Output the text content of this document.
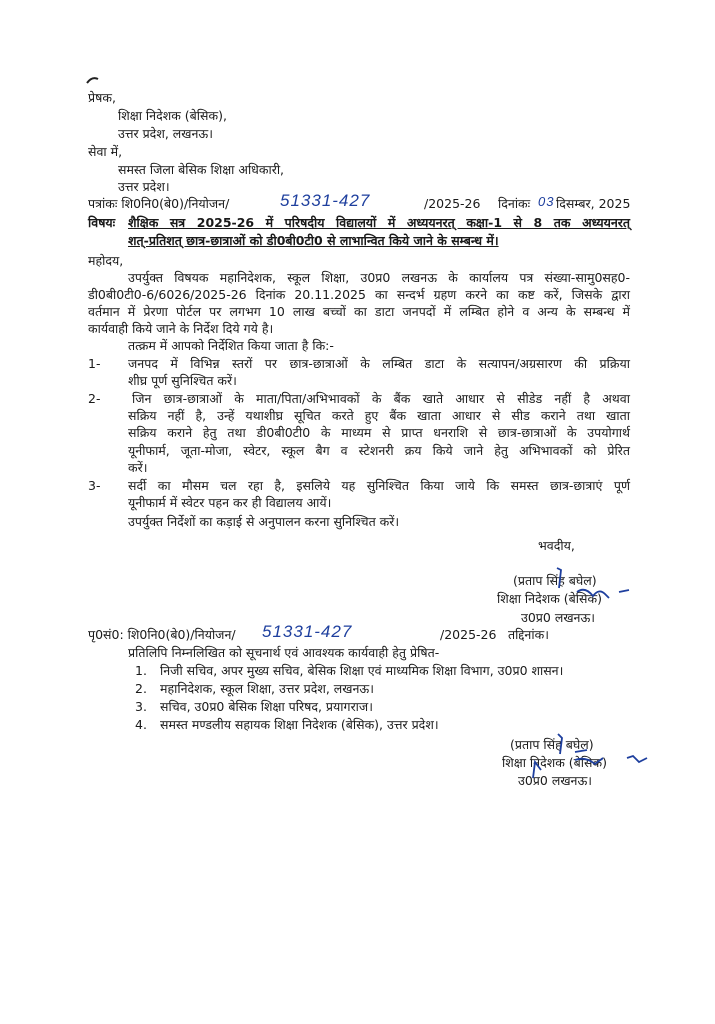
प्रेषक,
शिक्षा निदेशक (बेसिक),
उत्तर प्रदेश, लखनऊ।
सेवा में,
समस्त जिला बेसिक शिक्षा अधिकारी,
उत्तर प्रदेश।
पत्रांकः शि0नि0(बे0)/नियोजन/	51331-427	/2025-26 दिनांकः 03 दिसम्बर, 2025
विषयः शैक्षिक सत्र 2025-26 में परिषदीय विद्यालयों में अध्ययनरत् कक्षा-1 से 8 तक अध्ययनरत्
शत्-प्रतिशत् छात्र-छात्राओं को डी0बी0टी0 से लाभान्वित किये जाने के सम्बन्ध में।
महोदय,
उपर्युक्त विषयक महानिदेशक, स्कूल शिक्षा, उ0प्र0 लखनऊ के कार्यालय पत्र संख्या-सामु0सह0-
डी0बी0टी0-6/6026/2025-26 दिनांक 20.11.2025 का सन्दर्भ ग्रहण करने का कष्ट करें, जिसके द्वारा
वर्तमान में प्रेरणा पोर्टल पर लगभग 10 लाख बच्चों का डाटा जनपदों में लम्बित होने व अन्य के सम्बन्ध में
कार्यवाही किये जाने के निर्देश दिये गये है।
तत्क्रम में आपको निर्देशित किया जाता है कि:-
1- जनपद में विभिन्न स्तरों पर छात्र-छात्राओं के लम्बित डाटा के सत्यापन/अग्रसारण की प्रक्रिया
शीघ्र पूर्ण सुनिश्चित करें।
2-	जिन छात्र-छात्राओं के माता/पिता/अभिभावकों के बैंक खाते आधार से सीडेड नहीं है अथवा
सक्रिय नहीं है, उन्हें यथाशीघ्र सूचित करते हुए बैंक खाता आधार से सीड कराने तथा खाता
सक्रिय कराने हेतु तथा डी0बी0टी0 के माध्यम से प्राप्त धनराशि से छात्र-छात्राओं के उपयोगार्थ
यूनीफार्म, जूता-मोजा, स्वेटर, स्कूल बैग व स्टेशनरी क्रय किये जाने हेतु अभिभावकों को प्रेरित
करें।
3- सर्दी का मौसम चल रहा है, इसलिये यह सुनिश्चित किया जाये कि समस्त छात्र-छात्राएं पूर्ण
यूनीफार्म में स्वेटर पहन कर ही विद्यालय आयें।
उपर्युक्त निर्देशों का कड़ाई से अनुपालन करना सुनिश्चित करें।
भवदीय,
(प्रताप सिंह बघेल)
शिक्षा निदेशक (बेसिक)
उ0प्र0 लखनऊ।
पृ0सं0: शि0नि0(बे0)/नियोजन/ 51331-427	/2025-26 तद्दिनांक।
प्रतिलिपि निम्नलिखित को सूचनार्थ एवं आवश्यक कार्यवाही हेतु प्रेषित-
1. निजी सचिव, अपर मुख्य सचिव, बेसिक शिक्षा एवं माध्यमिक शिक्षा विभाग, उ0प्र0 शासन।
2. महानिदेशक, स्कूल शिक्षा, उत्तर प्रदेश, लखनऊ।
3. सचिव, उ0प्र0 बेसिक शिक्षा परिषद, प्रयागराज।
4. समस्त मण्डलीय सहायक शिक्षा निदेशक (बेसिक), उत्तर प्रदेश।
(प्रताप सिंह बघेल)
शिक्षा निदेशक (बेसिक)
उ0प्र0 लखनऊ।
